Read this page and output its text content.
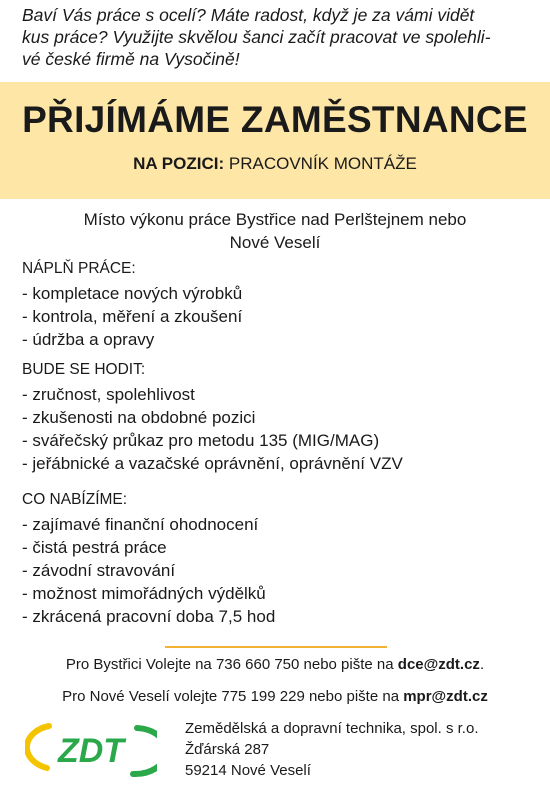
Baví Vás práce s ocelí? Máte radost, když je za vámi vidět
kus práce? Využijte skvělou šanci začít pracovat ve spolehli-
vé české firmě na Vysočině!
PŘIJÍMÁME ZAMĚSTNANCE
NA POZICI: PRACOVNÍK MONTÁŽE
Místo výkonu práce Bystřice nad Perlštejnem nebo
Nové Veselí
NÁPLŇ PRÁCE:
- kompletace nových výrobků
- kontrola, měření a zkoušení
- údržba a opravy
BUDE SE HODIT:
- zručnost, spolehlivost
- zkušenosti na obdobné pozici
- svářečský průkaz pro metodu 135 (MIG/MAG)
- jeřábnické a vazačské oprávnění, oprávnění VZV
CO NABÍZÍME:
- zajímavé finanční ohodnocení
- čistá pestrá práce
- závodní stravování
- možnost mimořádných výdělků
- zkrácená pracovní doba 7,5 hod
Pro Bystřici Volejte na 736 660 750 nebo pište na dce@zdt.cz.
Pro Nové Veselí volejte 775 199 229 nebo pište na mpr@zdt.cz
ZDT
Zemědělská a dopravní technika, spol. s r.o.
Žďárská 287
59214 Nové Veselí
